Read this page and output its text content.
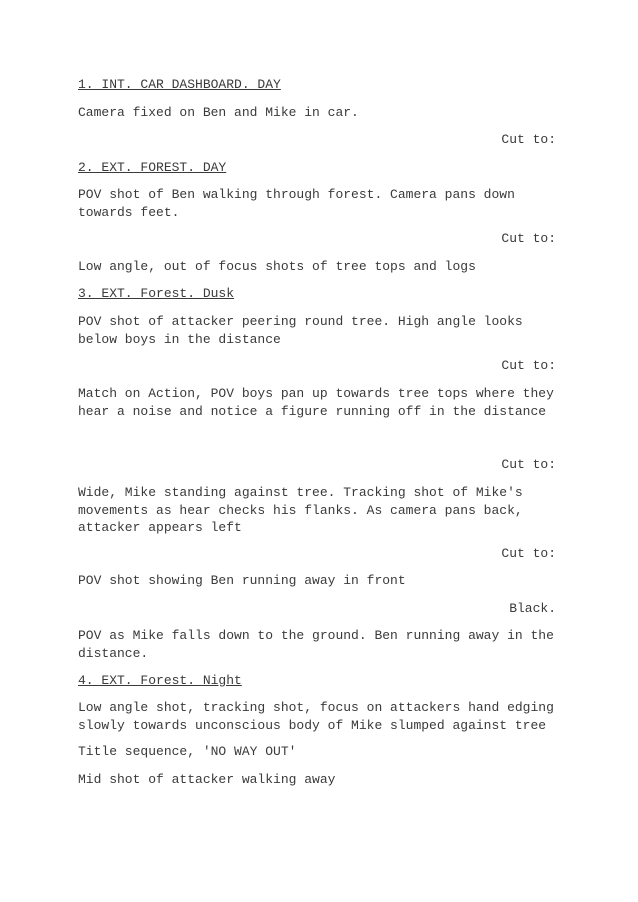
1. INT. CAR DASHBOARD. DAY
Camera fixed on Ben and Mike in car.
Cut to:
2. EXT. FOREST. DAY
POV shot of Ben walking through forest. Camera pans down
towards feet.
Cut to:
Low angle, out of focus shots of tree tops and logs
3. EXT. Forest. Dusk
POV shot of attacker peering round tree. High angle looks
below boys in the distance
Cut to:
Match on Action, POV boys pan up towards tree tops where they
hear a noise and notice a figure running off in the distance
Cut to:
Wide, Mike standing against tree. Tracking shot of Mike's
movements as hear checks his flanks. As camera pans back,
attacker appears left
Cut to:
POV shot showing Ben running away in front
Black.
POV as Mike falls down to the ground. Ben running away in the
distance.
4. EXT. Forest. Night
Low angle shot, tracking shot, focus on attackers hand edging
slowly towards unconscious body of Mike slumped against tree
Title sequence, 'NO WAY OUT'
Mid shot of attacker walking away
